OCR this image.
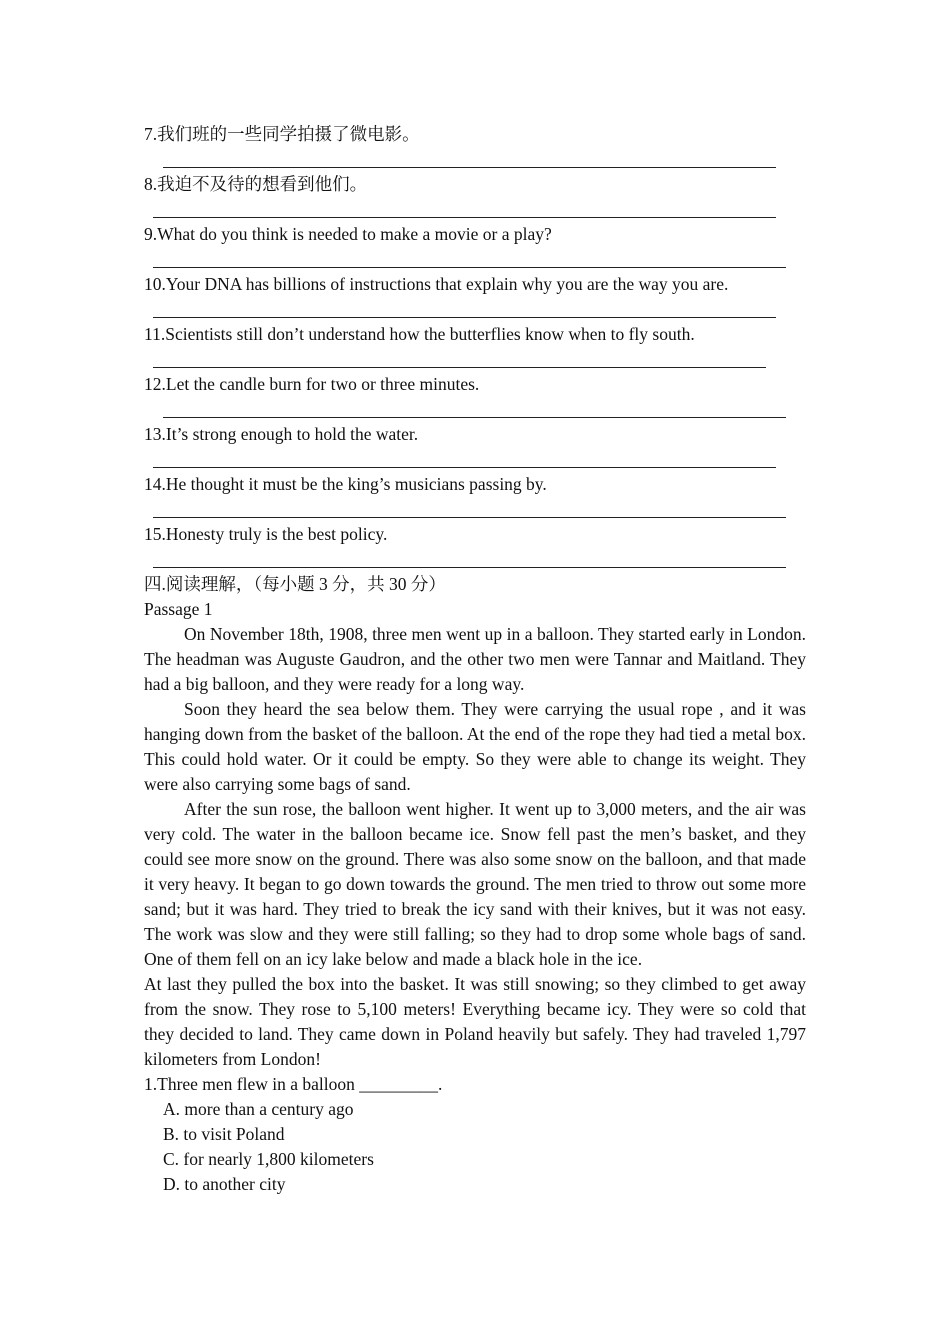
7.我们班的一些同学拍摄了微电影。
8.我迫不及待的想看到他们。
9.What do you think is needed to make a movie or a play?
10.Your DNA has billions of instructions that explain why you are the way you are.
11.Scientists still don’t understand how the butterflies know when to fly south.
12.Let the candle burn for two or three minutes.
13.It’s strong enough to hold the water.
14.He thought it must be the king’s musicians passing by.
15.Honesty truly is the best policy.
四.阅读理解，（每小题 3 分，共 30 分）
Passage 1

On November 18th, 1908, three men went up in a balloon. They started early in London. The headman was Auguste Gaudron, and the other two men were Tannar and Maitland. They had a big balloon, and they were ready for a long way.

Soon they heard the sea below them. They were carrying the usual rope , and it was hanging down from the basket of the balloon. At the end of the rope they had tied a metal box. This could hold water. Or it could be empty. So they were able to change its weight. They were also carrying some bags of sand.

After the sun rose, the balloon went higher. It went up to 3,000 meters, and the air was very cold. The water in the balloon became ice. Snow fell past the men’s basket, and they could see more snow on the ground. There was also some snow on the balloon, and that made it very heavy. It began to go down towards the ground. The men tried to throw out some more sand; but it was hard. They tried to break the icy sand with their knives, but it was not easy. The work was slow and they were still falling; so they had to drop some whole bags of sand. One of them fell on an icy lake below and made a black hole in the ice.

At last they pulled the box into the basket. It was still snowing; so they climbed to get away from the snow. They rose to 5,100 meters! Everything became icy. They were so cold that they decided to land. They came down in Poland heavily but safely. They had traveled 1,797 kilometers from London!

1.Three men flew in a balloon _________.
A. more than a century ago
B. to visit Poland
C. for nearly 1,800 kilometers
D. to another city
